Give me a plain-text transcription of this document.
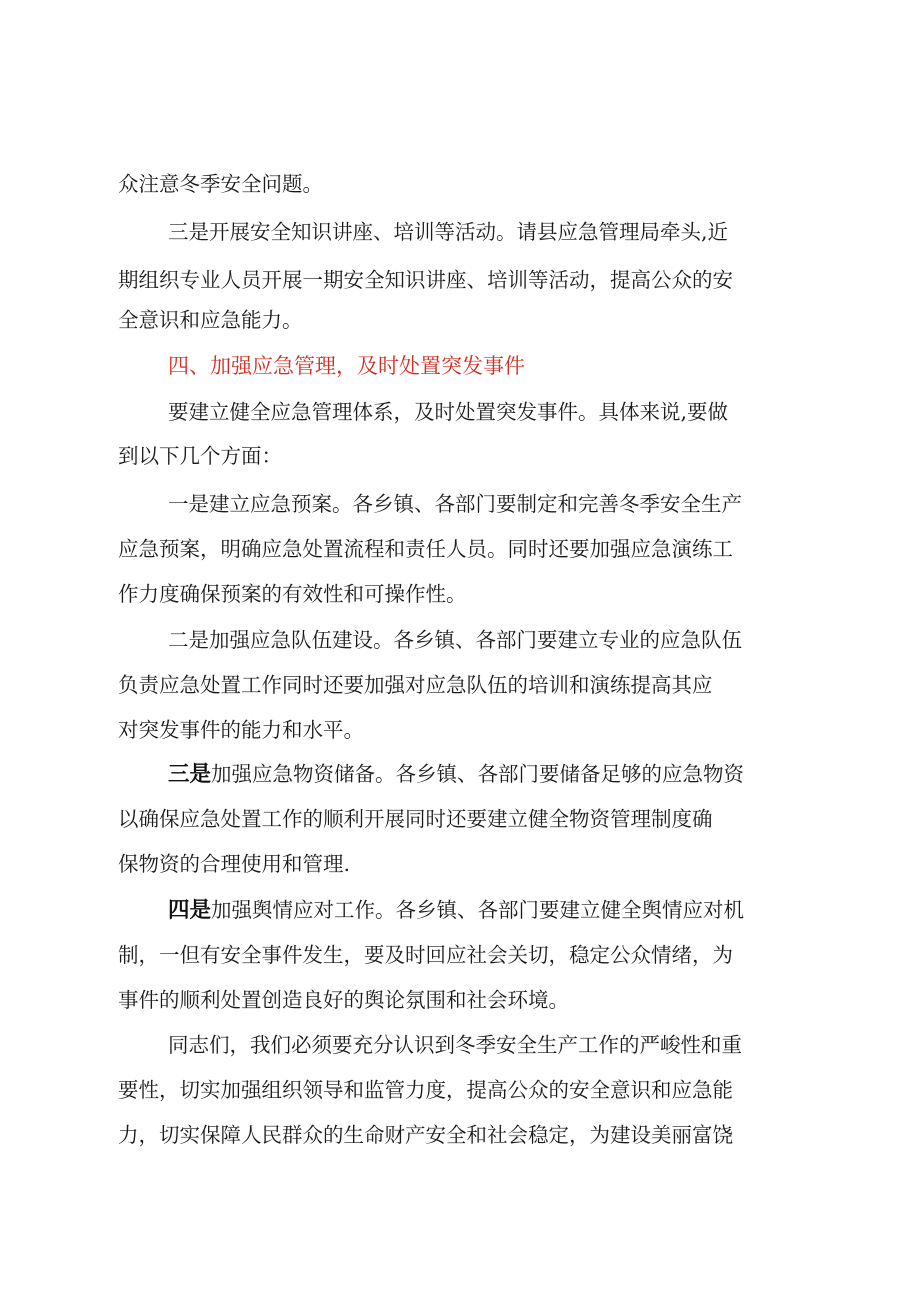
众注意冬季安全问题。
三是开展安全知识讲座、培训等活动。请县应急管理局牵头,近
期组织专业人员开展一期安全知识讲座、培训等活动，提高公众的安
全意识和应急能力。
四、加强应急管理，及时处置突发事件
要建立健全应急管理体系，及时处置突发事件。具体来说,要做
到以下几个方面：
一是建立应急预案。各乡镇、各部门要制定和完善冬季安全生产
应急预案，明确应急处置流程和责任人员。同时还要加强应急演练工
作力度确保预案的有效性和可操作性。
二是加强应急队伍建设。各乡镇、各部门要建立专业的应急队伍
负责应急处置工作同时还要加强对应急队伍的培训和演练提高其应
对突发事件的能力和水平。
三是加强应急物资储备。各乡镇、各部门要储备足够的应急物资
以确保应急处置工作的顺利开展同时还要建立健全物资管理制度确
保物资的合理使用和管理.
四是加强舆情应对工作。各乡镇、各部门要建立健全舆情应对机
制，一但有安全事件发生，要及时回应社会关切，稳定公众情绪，为
事件的顺利处置创造良好的舆论氛围和社会环境。
同志们，我们必须要充分认识到冬季安全生产工作的严峻性和重
要性，切实加强组织领导和监管力度，提高公众的安全意识和应急能
力，切实保障人民群众的生命财产安全和社会稳定，为建设美丽富饶
